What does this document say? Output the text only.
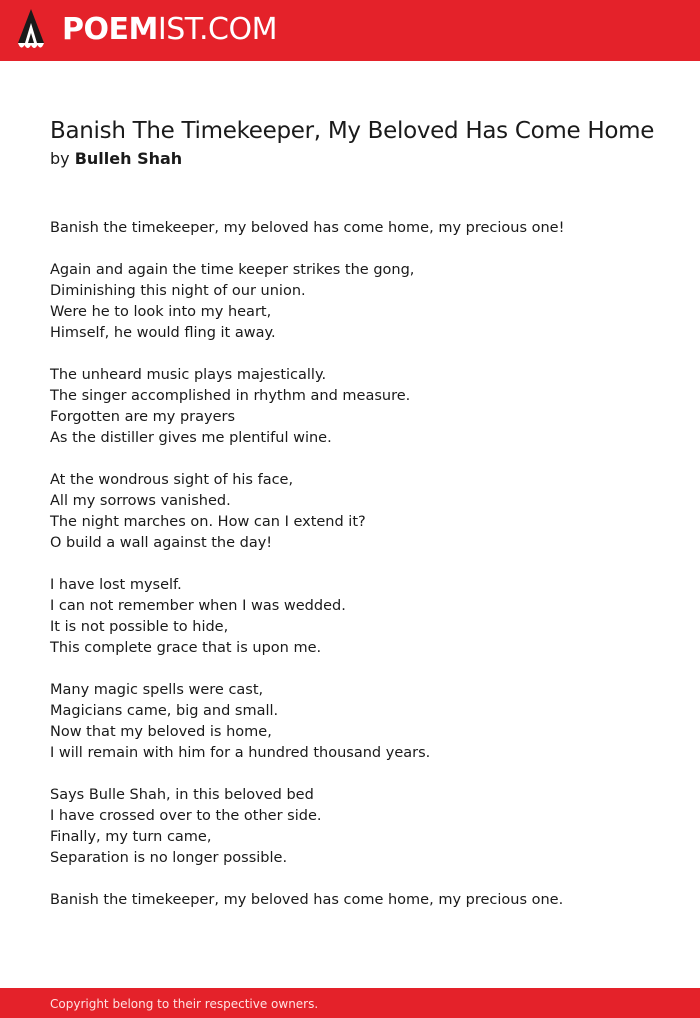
POEMIST.COM
Banish The Timekeeper, My Beloved Has Come Home
by Bulleh Shah
Banish the timekeeper, my beloved has come home, my precious one!
Again and again the time keeper strikes the gong,
Diminishing this night of our union.
Were he to look into my heart,
Himself, he would fling it away.
The unheard music plays majestically.
The singer accomplished in rhythm and measure.
Forgotten are my prayers
As the distiller gives me plentiful wine.
At the wondrous sight of his face,
All my sorrows vanished.
The night marches on. How can I extend it?
O build a wall against the day!
I have lost myself.
I can not remember when I was wedded.
It is not possible to hide,
This complete grace that is upon me.
Many magic spells were cast,
Magicians came, big and small.
Now that my beloved is home,
I will remain with him for a hundred thousand years.
Says Bulle Shah, in this beloved bed
I have crossed over to the other side.
Finally, my turn came,
Separation is no longer possible.
Banish the timekeeper, my beloved has come home, my precious one.
Copyright belong to their respective owners.
